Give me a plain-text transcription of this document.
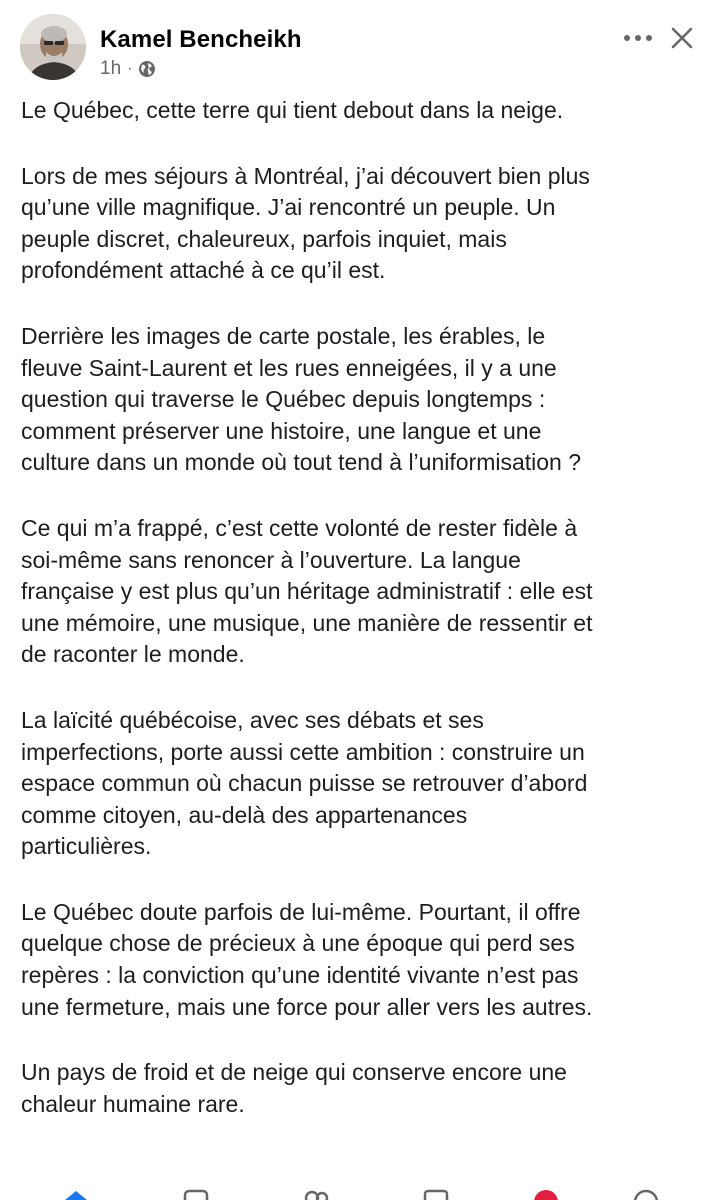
Kamel Bencheikh
1h ·

Le Québec, cette terre qui tient debout dans la neige.

Lors de mes séjours à Montréal, j’ai découvert bien plus
qu’une ville magnifique. J’ai rencontré un peuple. Un
peuple discret, chaleureux, parfois inquiet, mais
profondément attaché à ce qu’il est.

Derrière les images de carte postale, les érables, le
fleuve Saint-Laurent et les rues enneigées, il y a une
question qui traverse le Québec depuis longtemps :
comment préserver une histoire, une langue et une
culture dans un monde où tout tend à l’uniformisation ?

Ce qui m’a frappé, c’est cette volonté de rester fidèle à
soi-même sans renoncer à l’ouverture. La langue
française y est plus qu’un héritage administratif : elle est
une mémoire, une musique, une manière de ressentir et
de raconter le monde.

La laïcité québécoise, avec ses débats et ses
imperfections, porte aussi cette ambition : construire un
espace commun où chacun puisse se retrouver d’abord
comme citoyen, au-delà des appartenances
particulières.

Le Québec doute parfois de lui-même. Pourtant, il offre
quelque chose de précieux à une époque qui perd ses
repères : la conviction qu’une identité vivante n’est pas
une fermeture, mais une force pour aller vers les autres.

Un pays de froid et de neige qui conserve encore une
chaleur humaine rare.
